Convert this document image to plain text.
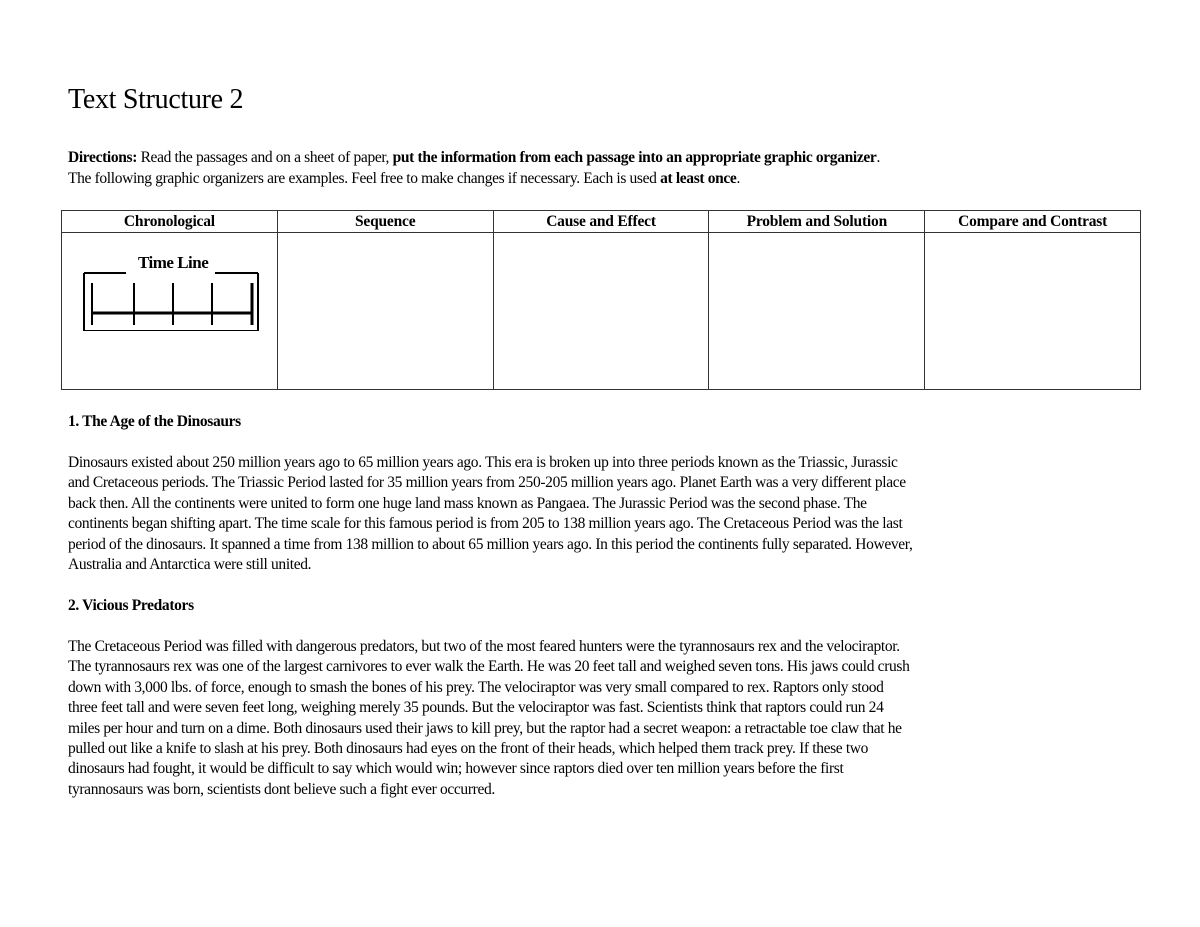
Text Structure 2
Directions: Read the passages and on a sheet of paper, put the information from each passage into an appropriate graphic organizer.
The following graphic organizers are examples. Feel free to make changes if necessary. Each is used at least once.
Chronological	Sequence	Cause and Effect	Problem and Solution	Compare and Contrast

Time Line				

1. The Age of the Dinosaurs
Dinosaurs existed about 250 million years ago to 65 million years ago. This era is broken up into three periods known as the Triassic, Jurassic
and Cretaceous periods. The Triassic Period lasted for 35 million years from 250-205 million years ago. Planet Earth was a very different place
back then. All the continents were united to form one huge land mass known as Pangaea. The Jurassic Period was the second phase. The
continents began shifting apart. The time scale for this famous period is from 205 to 138 million years ago. The Cretaceous Period was the last
period of the dinosaurs. It spanned a time from 138 million to about 65 million years ago. In this period the continents fully separated. However,
Australia and Antarctica were still united.
2. Vicious Predators
The Cretaceous Period was filled with dangerous predators, but two of the most feared hunters were the tyrannosaurs rex and the velociraptor.
The tyrannosaurs rex was one of the largest carnivores to ever walk the Earth. He was 20 feet tall and weighed seven tons. His jaws could crush
down with 3,000 lbs. of force, enough to smash the bones of his prey. The velociraptor was very small compared to rex. Raptors only stood
three feet tall and were seven feet long, weighing merely 35 pounds. But the velociraptor was fast. Scientists think that raptors could run 24
miles per hour and turn on a dime. Both dinosaurs used their jaws to kill prey, but the raptor had a secret weapon: a retractable toe claw that he
pulled out like a knife to slash at his prey. Both dinosaurs had eyes on the front of their heads, which helped them track prey. If these two
dinosaurs had fought, it would be difficult to say which would win; however since raptors died over ten million years before the first
tyrannosaurs was born, scientists dont believe such a fight ever occurred.
